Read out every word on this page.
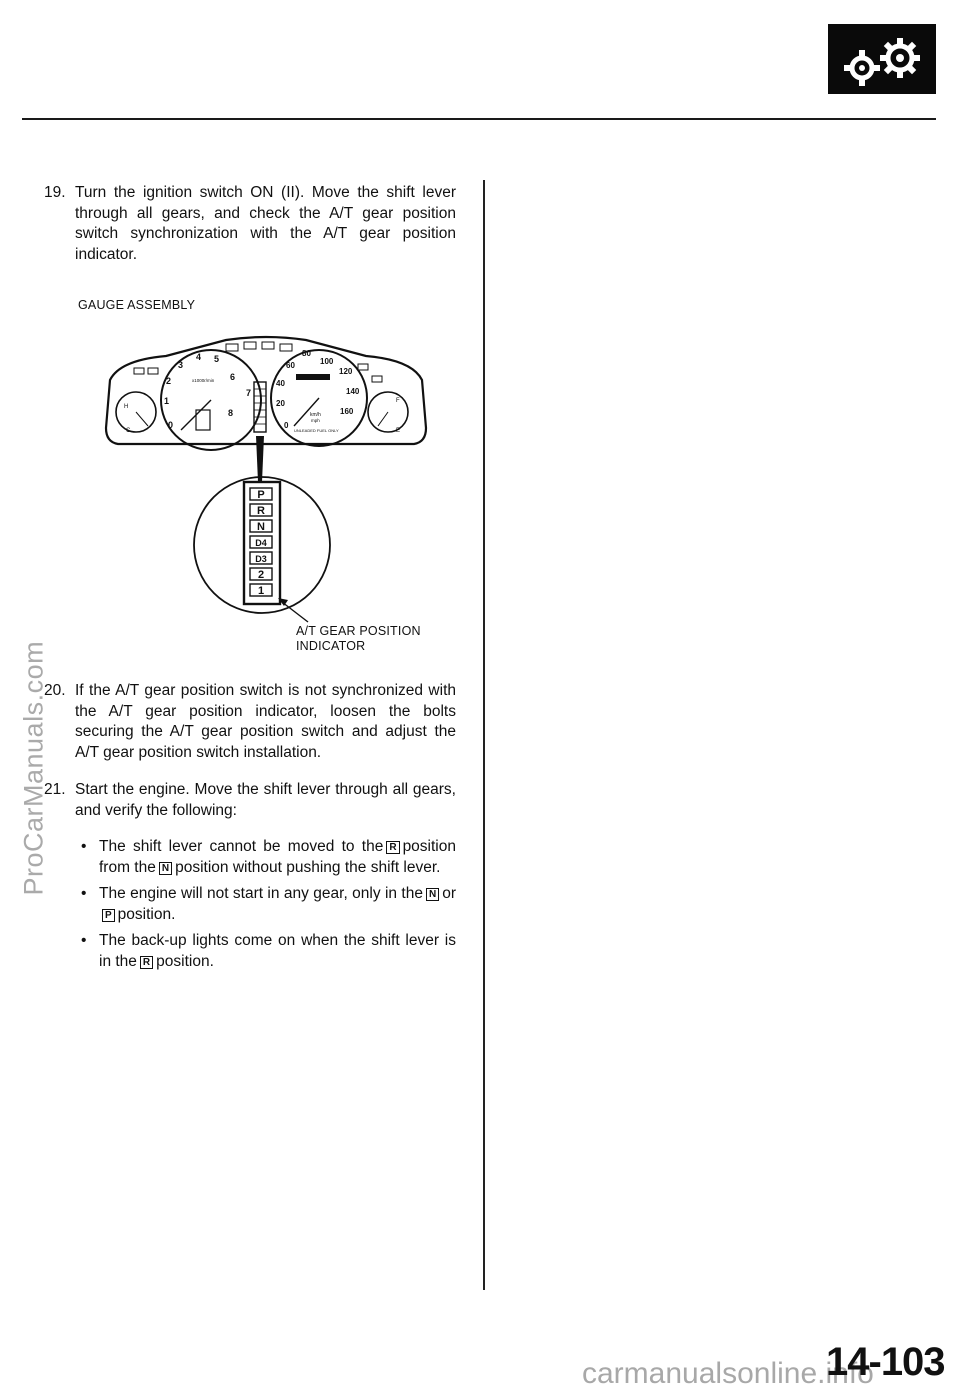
19. Turn the ignition switch ON (II). Move the shift lever through all gears, and check the A/T gear position switch synchronization with the A/T gear position indicator.
GAUGE ASSEMBLY
0
1
2
3
4 5
6
7
8
x1000r/min
0
20
40
60
80
100
120
140
160
km/h
mph
UNLEADED FUEL ONLY
H
C
F
E
P
R
N
D4
D3
2
1
A/T GEAR POSITION
INDICATOR
20. If the A/T gear position switch is not synchronized with the A/T gear position indicator, loosen the bolts securing the A/T gear position switch and adjust the A/T gear position switch installation.
21. Start the engine. Move the shift lever through all gears, and verify the following:
• The shift lever cannot be moved to the R position from the N position without pushing the shift lever.
• The engine will not start in any gear, only in the N orP position.
• The back-up lights come on when the shift lever is in the R position.
ProCarManuals.com
carmanualsonline.info
14-103
